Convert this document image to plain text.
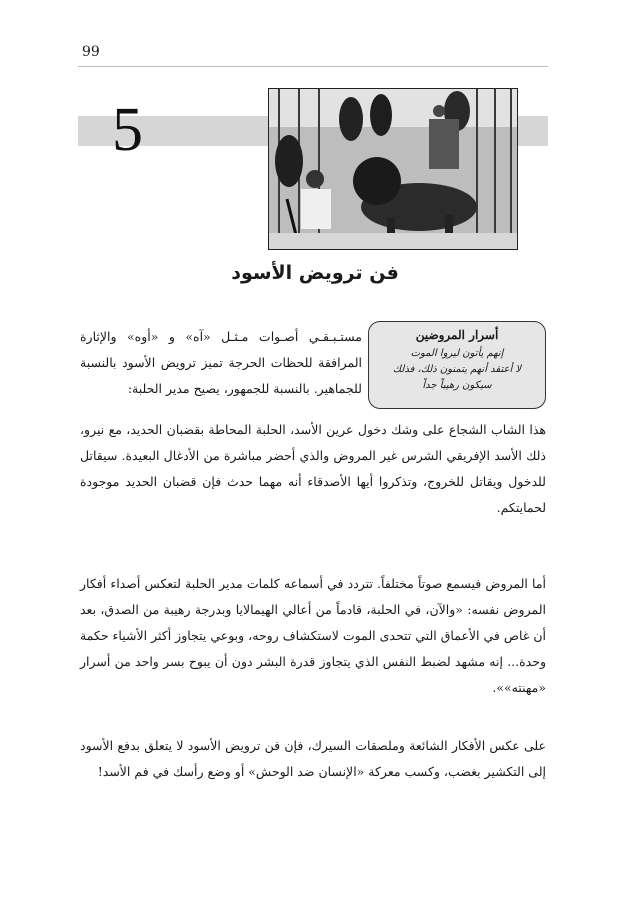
99
5
فن ترويض الأسود
أسرار المروضين
إنهم يأتون ليروا الموت
لا أعتقد أنهم يتمنون ذلك، فذلك
سيكون رهيباً جداً

مستـبـقـي أصـوات مـثـل «آه» و «أوه» والإثارة المرافقة للحظات الحرجة تميز ترويض الأسود بالنسبة للجماهير. بالنسبة للجمهور، يصيح مدير الحلبة:

هذا الشاب الشجاع على وشك دخول عرين الأسد، الحلبة المحاطة بقضبان الحديد، مع نيرو، ذلك الأسد الإفريقي الشرس غير المروض والذي أحضر مباشرة من الأدغال البعيدة. سيقاتل للدخول ويقاتل للخروج، وتذكروا أيها الأصدقاء أنه مهما حدث فإن قضبان الحديد موجودة لحمايتكم.

أما المروض فيسمع صوتاً مختلفاً. تتردد في أسماعه كلمات مدير الحلبة لتعكس أصداء أفكار المروض نفسه: «والآن، في الحلبة، قادماً من أعالي الهيمالايا وبدرجة رهيبة من الصدق، بعد أن غاص في الأعماق التي تتحدى الموت لاستكشاف روحه، وبوعي يتجاوز أكثر الأشياء حكمة وحدة... إنه مشهد لضبط النفس الذي يتجاوز قدرة البشر دون أن يبوح بسر واحد من أسرار «مهنته»».

على عكس الأفكار الشائعة وملصقات السيرك، فإن فن ترويض الأسود لا يتعلق بدفع الأسود إلى التكشير بغضب، وكسب معركة «الإنسان ضد الوحش» أو وضع رأسك في فم الأسد!
